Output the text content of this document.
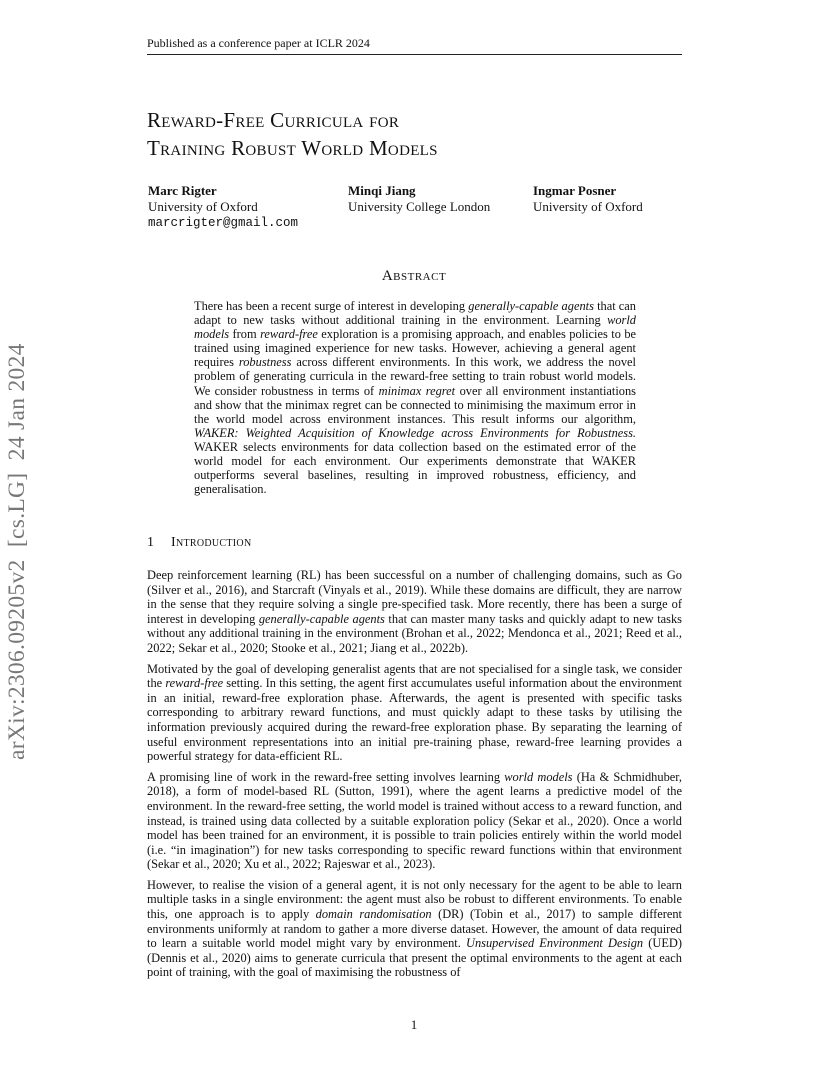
Published as a conference paper at ICLR 2024
Reward-Free Curricula for
Training Robust World Models
Marc Rigter
University of Oxford
marcrigter@gmail.com
Minqi Jiang
University College London
Ingmar Posner
University of Oxford
Abstract
There has been a recent surge of interest in developing generally-capable agents that can adapt to new tasks without additional training in the environment. Learning world models from reward-free exploration is a promising approach, and enables policies to be trained using imagined experience for new tasks. However, achieving a general agent requires robustness across different environments. In this work, we address the novel problem of generating curricula in the reward-free setting to train robust world models. We consider robustness in terms of minimax regret over all environment instantiations and show that the minimax regret can be connected to minimising the maximum error in the world model across environment instances. This result informs our algorithm, WAKER: Weighted Acquisition of Knowledge across Environments for Robustness. WAKER selects environments for data collection based on the estimated error of the world model for each environment. Our experiments demonstrate that WAKER outperforms several baselines, resulting in improved robustness, efficiency, and generalisation.
1 Introduction

Deep reinforcement learning (RL) has been successful on a number of challenging domains, such as Go (Silver et al., 2016), and Starcraft (Vinyals et al., 2019). While these domains are difficult, they are narrow in the sense that they require solving a single pre-specified task. More recently, there has been a surge of interest in developing generally-capable agents that can master many tasks and quickly adapt to new tasks without any additional training in the environment (Brohan et al., 2022; Mendonca et al., 2021; Reed et al., 2022; Sekar et al., 2020; Stooke et al., 2021; Jiang et al., 2022b).

Motivated by the goal of developing generalist agents that are not specialised for a single task, we consider the reward-free setting. In this setting, the agent first accumulates useful information about the environment in an initial, reward-free exploration phase. Afterwards, the agent is presented with specific tasks corresponding to arbitrary reward functions, and must quickly adapt to these tasks by utilising the information previously acquired during the reward-free exploration phase. By separating the learning of useful environment representations into an initial pre-training phase, reward-free learning provides a powerful strategy for data-efficient RL.

A promising line of work in the reward-free setting involves learning world models (Ha & Schmidhuber, 2018), a form of model-based RL (Sutton, 1991), where the agent learns a predictive model of the environment. In the reward-free setting, the world model is trained without access to a reward function, and instead, is trained using data collected by a suitable exploration policy (Sekar et al., 2020). Once a world model has been trained for an environment, it is possible to train policies entirely within the world model (i.e. “in imagination”) for new tasks corresponding to specific reward functions within that environment (Sekar et al., 2020; Xu et al., 2022; Rajeswar et al., 2023).

However, to realise the vision of a general agent, it is not only necessary for the agent to be able to learn multiple tasks in a single environment: the agent must also be robust to different environments. To enable this, one approach is to apply domain randomisation (DR) (Tobin et al., 2017) to sample different environments uniformly at random to gather a more diverse dataset. However, the amount of data required to learn a suitable world model might vary by environment. Unsupervised Environment Design (UED) (Dennis et al., 2020) aims to generate curricula that present the optimal environments to the agent at each point of training, with the goal of maximising the robustness of

arXiv:2306.09205v2  [cs.LG]  24 Jan 2024
1
